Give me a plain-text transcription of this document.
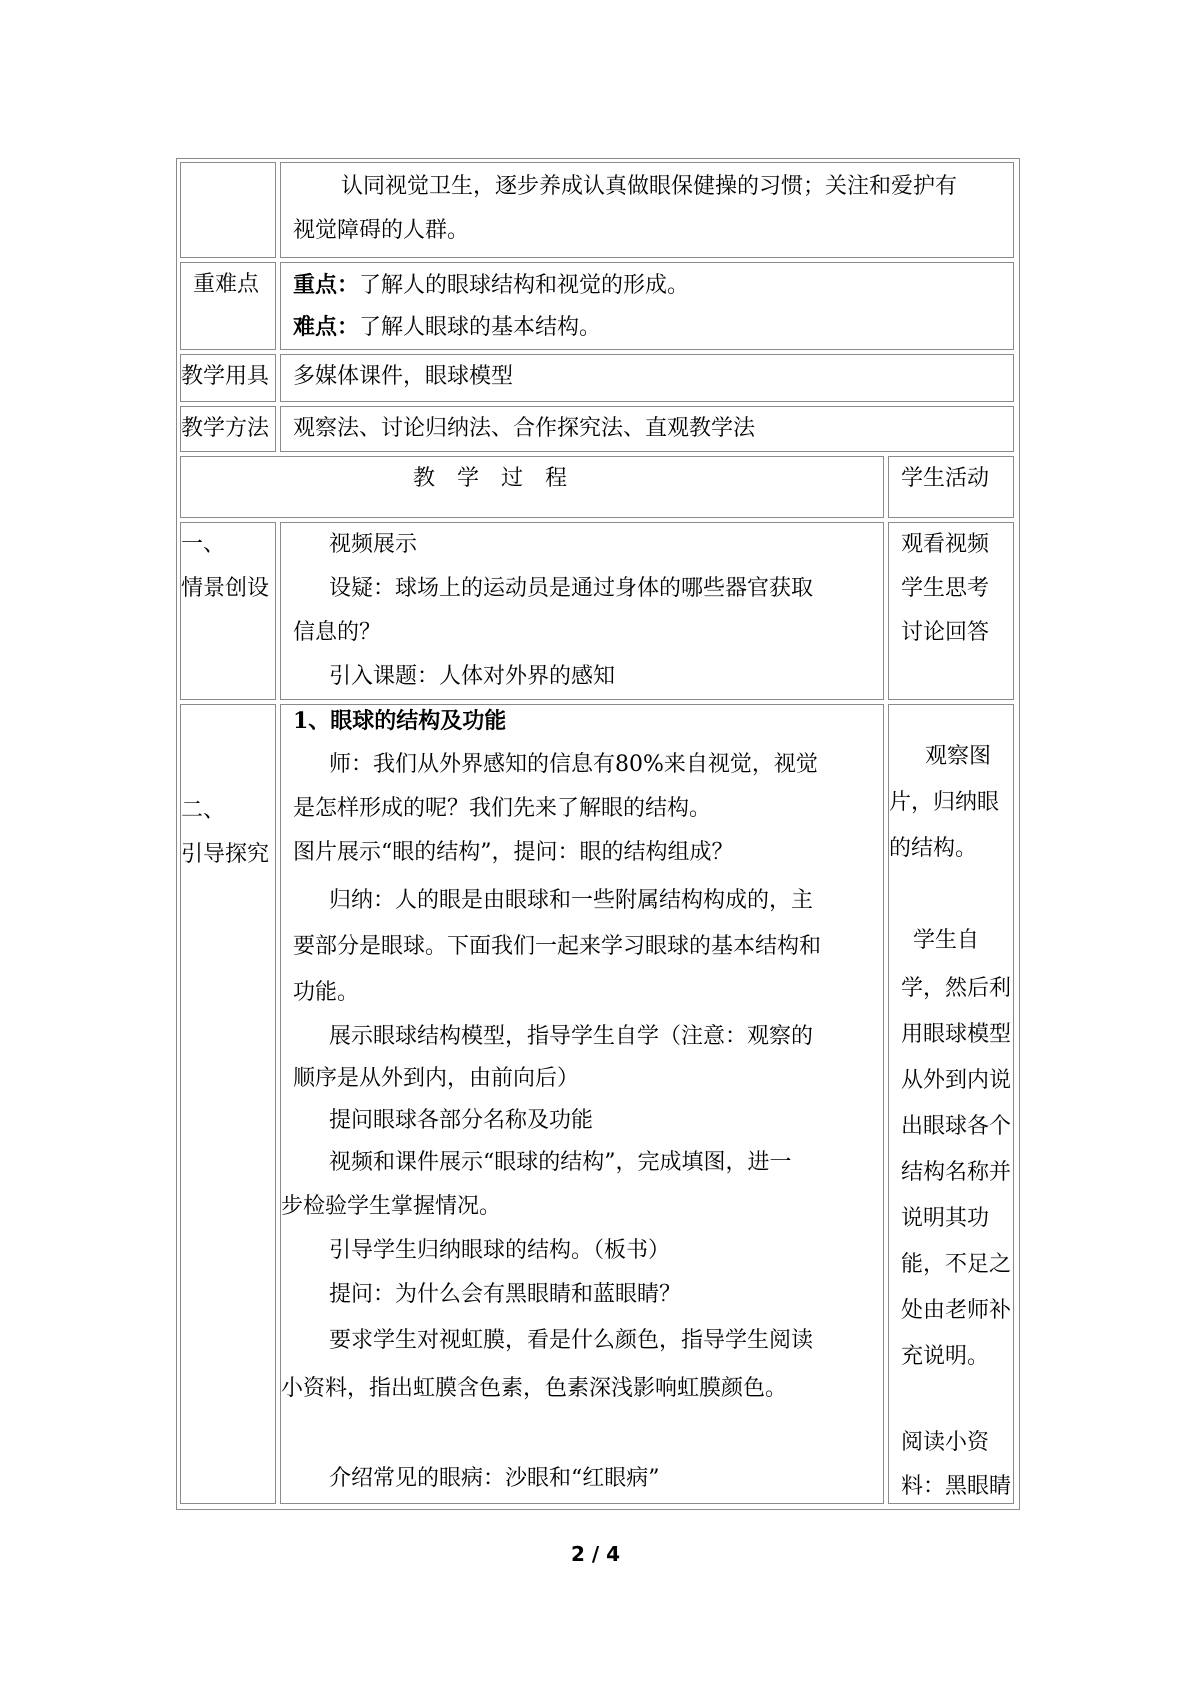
认同视觉卫生，逐步养成认真做眼保健操的习惯；关注和爱护有
视觉障碍的人群。
重难点 重点：了解人的眼球结构和视觉的形成。
难点：了解人眼球的基本结构。
教学用具 多媒体课件，眼球模型
教学方法 观察法、讨论归纳法、合作探究法、直观教学法
教　学　过　程	学生活动
一、
情景创设
视频展示
设疑：球场上的运动员是通过身体的哪些器官获取
信息的？
引入课题：人体对外界的感知
观看视频
学生思考
讨论回答
二、
引导探究
1、眼球的结构及功能
师：我们从外界感知的信息有80%来自视觉，视觉
是怎样形成的呢？我们先来了解眼的结构。
图片展示“眼的结构”，提问：眼的结构组成？
归纳：人的眼是由眼球和一些附属结构构成的，主
要部分是眼球。下面我们一起来学习眼球的基本结构和
功能。
展示眼球结构模型，指导学生自学（注意：观察的
顺序是从外到内，由前向后）
提问眼球各部分名称及功能
视频和课件展示“眼球的结构”，完成填图，进一
步检验学生掌握情况。
引导学生归纳眼球的结构。（板书）
提问：为什么会有黑眼睛和蓝眼睛？
要求学生对视虹膜，看是什么颜色，指导学生阅读
小资料，指出虹膜含色素，色素深浅影响虹膜颜色。
介绍常见的眼病：沙眼和“红眼病”
观察图
片，归纳眼
的结构。
学生自
学，然后利
用眼球模型
从外到内说
出眼球各个
结构名称并
说明其功
能，不足之
处由老师补
充说明。
阅读小资
料：黑眼睛
2 / 4
